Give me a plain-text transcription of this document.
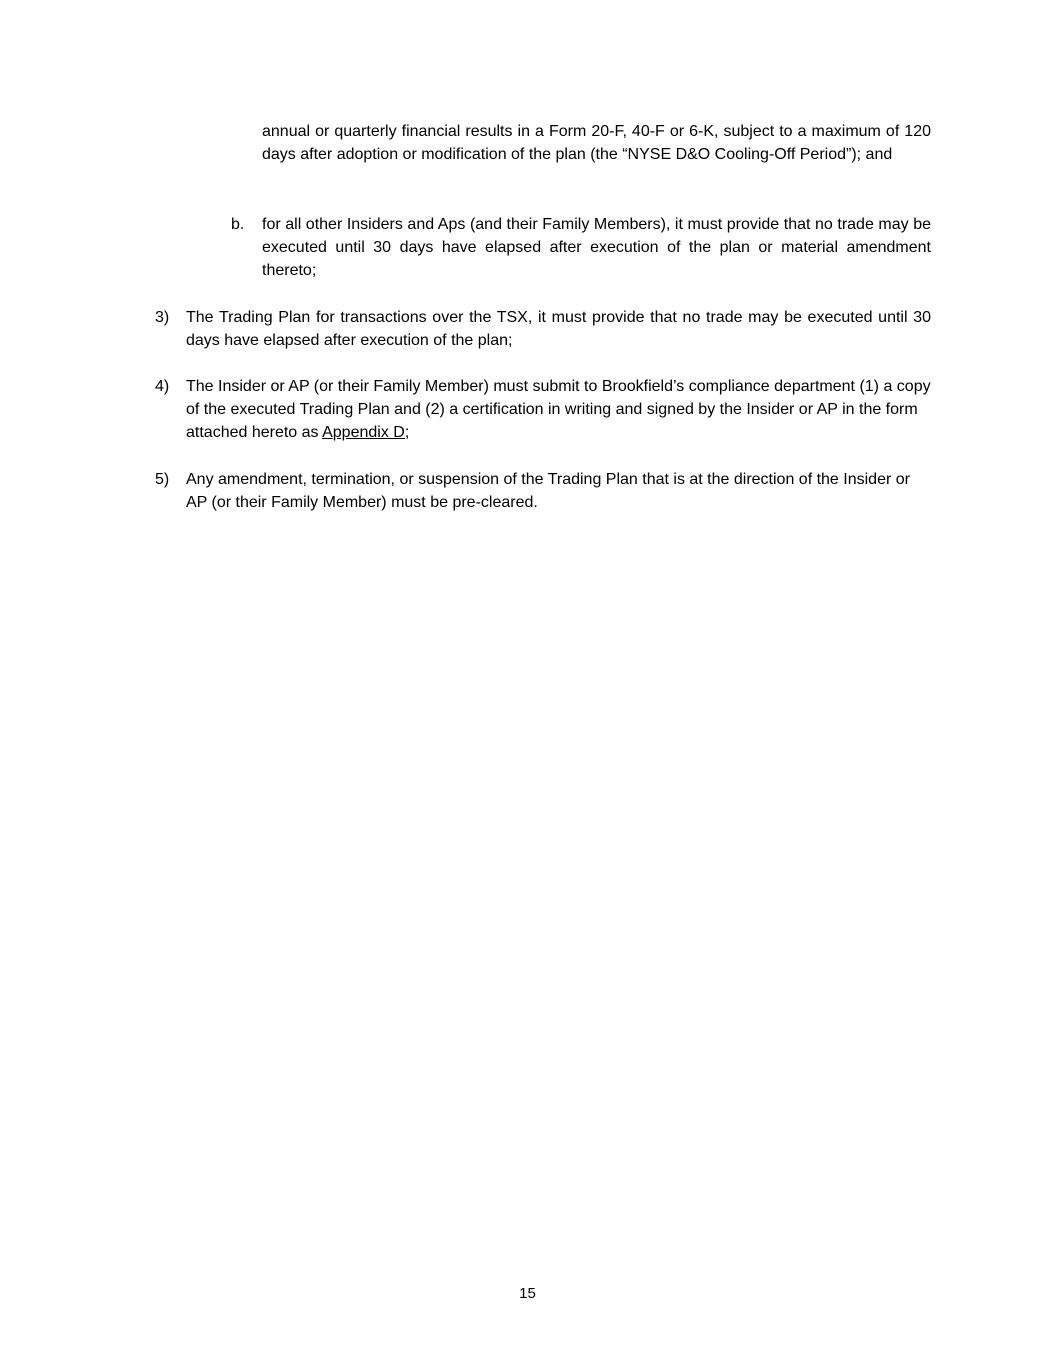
annual or quarterly financial results in a Form 20-F, 40-F or 6-K, subject to a maximum of 120 days after adoption or modification of the plan (the “NYSE D&O Cooling-Off Period”); and
b. for all other Insiders and Aps (and their Family Members), it must provide that no trade may be executed until 30 days have elapsed after execution of the plan or material amendment thereto;
3) The Trading Plan for transactions over the TSX, it must provide that no trade may be executed until 30 days have elapsed after execution of the plan;
4) The Insider or AP (or their Family Member) must submit to Brookfield’s compliance department (1) a copy of the executed Trading Plan and (2) a certification in writing and signed by the Insider or AP in the form attached hereto as Appendix D;
5) Any amendment, termination, or suspension of the Trading Plan that is at the direction of the Insider or AP (or their Family Member) must be pre-cleared.
15
